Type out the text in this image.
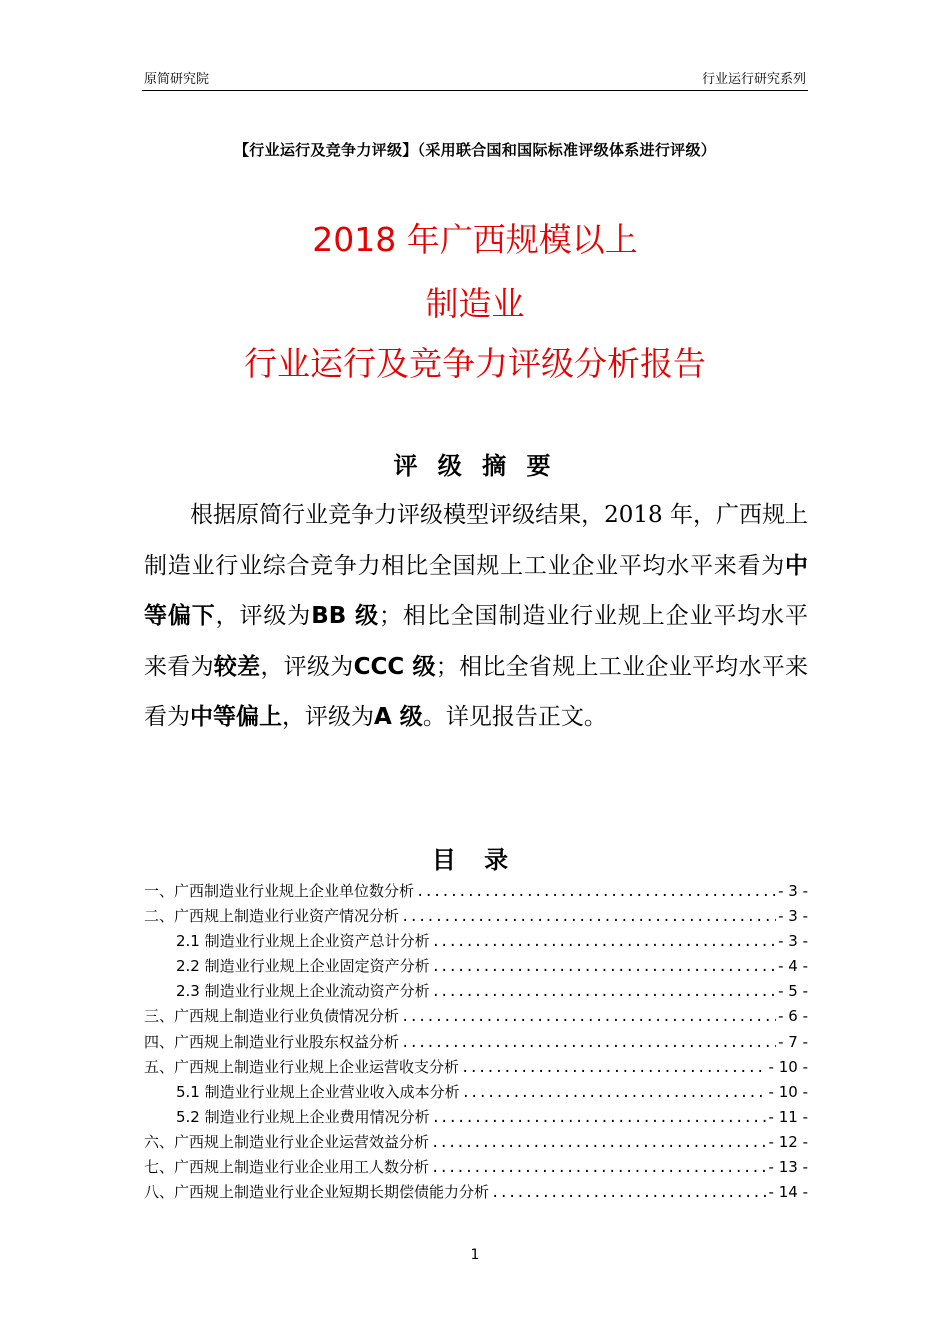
原简研究院	行业运行研究系列
【行业运行及竞争力评级】（采用联合国和国际标准评级体系进行评级）
2018 年广西规模以上
制造业
行业运行及竞争力评级分析报告
评 级 摘 要

根据原简行业竞争力评级模型评级结果，2018 年，广西规上制造业行业综合竞争力相比全国规上工业企业平均水平来看为中等偏下，评级为BB 级；相比全国制造业行业规上企业平均水平来看为较差，评级为CCC 级；相比全省规上工业企业平均水平来看为中等偏上，评级为A 级。详见报告正文。

目 录
一、广西制造业行业规上企业单位数分析 .....	- 3 -
二、广西规上制造业行业资产情况分析 .....	- 3 -
2.1 制造业行业规上企业资产总计分析 .....	- 3 -
2.2 制造业行业规上企业固定资产分析 .....	- 4 -
2.3 制造业行业规上企业流动资产分析 .....	- 5 -
三、广西规上制造业行业负债情况分析 .....	- 6 -
四、广西规上制造业行业股东权益分析 .....	- 7 -
五、广西规上制造业行业规上企业运营收支分析 .....	- 10 -
5.1 制造业行业规上企业营业收入成本分析 .....	- 10 -
5.2 制造业行业规上企业费用情况分析 .....	- 11 -
六、广西规上制造业行业企业运营效益分析 .....	- 12 -
七、广西规上制造业行业企业用工人数分析 .....	- 13 -
八、广西规上制造业行业企业短期长期偿债能力分析 .....	- 14 -
1
